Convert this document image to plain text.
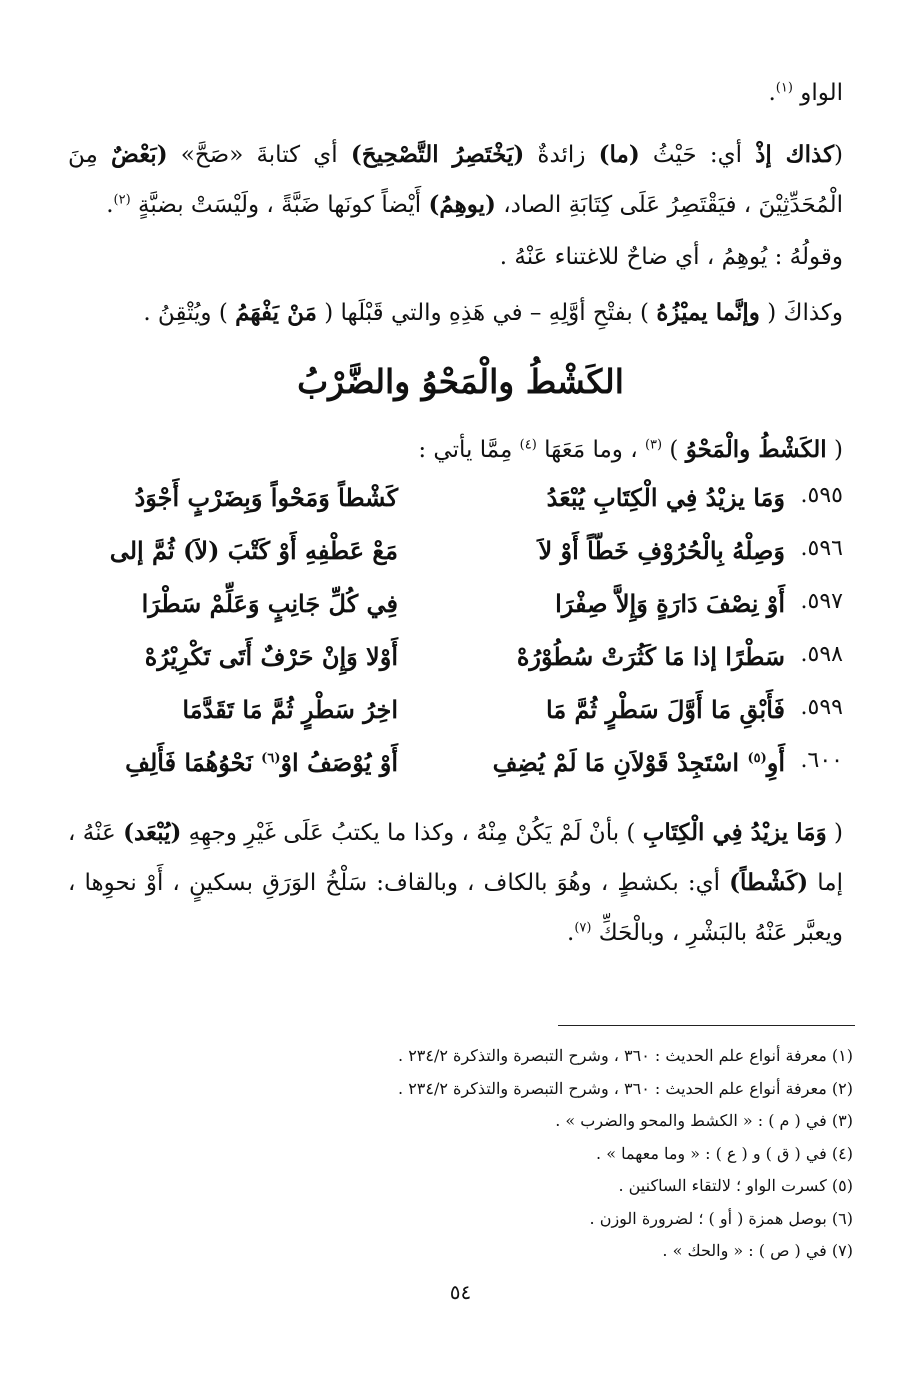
الواو $^{(١)}$.

(كذاك إذْ أي: حَيْثُ (ما) زائدةٌ (يَخْتَصِرُ التَّصْحِيحَ) أي كتابةَ «صَحَّ» (بَعْضٌ مِنَ الْمُحَدِّثِيْنَ ، فيَقْتَصِرُ عَلَى كِتَابَةِ الصاد، (يوهِمُ) أَيْضاً كونَها ضَبَّةً ، ولَيْسَتْ بضبَّةٍ $^{(٢)}$.

وقولُهُ : يُوهِمُ ، أي ضاحٌ للاغتناء عَنْهُ .

وكذاكَ ( وإنَّما يميْزُهُ ) بفتْحِ أوَّلِهِ – في هَذِهِ والتي قَبْلَها ( مَنْ يَفْهَمُ ) ويُتْقِنُ .

الكَشْطُ والْمَحْوُ والضَّرْبُ

( الكَشْطُ والْمَحْوُ ) $^{(٣)}$ ، وما مَعَهَا $^{(٤)}$ مِمَّا يأتي :

٥٩٥.
وَمَا يزيْدُ فِي الْكِتَابِ يُبْعَدُ
كَشْطاً وَمَحْواً وَبِضَرْبٍ أَجْوَدُ
٥٩٦.
وَصِلْهُ بِالْحُرُوْفِ خَطّاً أَوْ لاَ
مَعْ عَطْفِهِ أَوْ كَتْبَ (لاَ) ثُمَّ إلى
٥٩٧.
أَوْ نِصْفَ دَارَةٍ وَإِلاَّ صِفْرَا
فِي كُلِّ جَانِبٍ وَعَلِّمْ سَطْرَا
٥٩٨.
سَطْرًا إذا مَا كَثُرَتْ سُطُوْرُهْ
أَوْلا وَإِنْ حَرْفٌ أَتَى تَكْرِيْرُهْ
٥٩٩.
فَأَبْقِ مَا أَوَّلَ سَطْرٍ ثُمَّ مَا
اخِرُ سَطْرٍ ثُمَّ مَا تَقَدَّمَا
٦٠٠.
أَوِ$^{(٥)}$ اسْتَجِدْ قَوْلاَنِ مَا لَمْ يُضِفِ
أَوْ يُوْصَفُ اوْ$^{(٦)}$ نَحْوُهُمَا فَأَلِفِ

( وَمَا يزيْدُ فِي الْكِتَابِ ) بأنْ لَمْ يَكُنْ مِنْهُ ، وكذا ما يكتبُ عَلَى غَيْرِ وجهِهِ (يُبْعَد) عَنْهُ ، إما (كَشْطاً) أي: بكشطٍ ، وهُوَ بالكاف ، وبالقاف: سَلْخُ الوَرَقِ بسكينٍ ، أَوْ نحوِها ، ويعبَّر عَنْهُ بالبَشْرِ ، وبالْحَكِّ $^{(٧)}$.

(١) معرفة أنواع علم الحديث : ٣٦٠ ، وشرح التبصرة والتذكرة ٢٣٤/٢ .
(٢) معرفة أنواع علم الحديث : ٣٦٠ ، وشرح التبصرة والتذكرة ٢٣٤/٢ .
(٣) في ( م ) : « الكشط والمحو والضرب » .
(٤) في ( ق ) و ( ع ) : « وما معهما » .
(٥) كسرت الواو ؛ لالتقاء الساكنين .
(٦) بوصل همزة ( أو ) ؛ لضرورة الوزن .
(٧) في ( ص ) : « والحك » .
٥٤
